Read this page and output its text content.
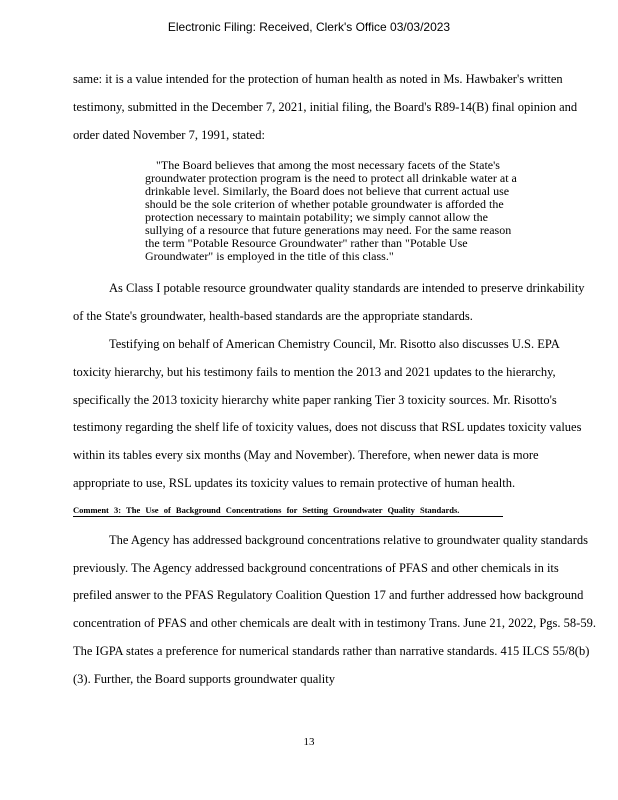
Electronic Filing: Received, Clerk's Office 03/03/2023

same: it is a value intended for the protection of human health as noted in Ms. Hawbaker's written testimony, submitted in the December 7, 2021, initial filing, the Board's R89-14(B) final opinion and order dated November 7, 1991, stated:

"The Board believes that among the most necessary facets of the State's groundwater protection program is the need to protect all drinkable water at a drinkable level. Similarly, the Board does not believe that current actual use should be the sole criterion of whether potable groundwater is afforded the protection necessary to maintain potability; we simply cannot allow the sullying of a resource that future generations may need. For the same reason the term "Potable Resource Groundwater" rather than "Potable Use Groundwater" is employed in the title of this class."

As Class I potable resource groundwater quality standards are intended to preserve drinkability of the State's groundwater, health-based standards are the appropriate standards.

Testifying on behalf of American Chemistry Council, Mr. Risotto also discusses U.S. EPA toxicity hierarchy, but his testimony fails to mention the 2013 and 2021 updates to the hierarchy, specifically the 2013 toxicity hierarchy white paper ranking Tier 3 toxicity sources. Mr. Risotto's testimony regarding the shelf life of toxicity values, does not discuss that RSL updates toxicity values within its tables every six months (May and November). Therefore, when newer data is more appropriate to use, RSL updates its toxicity values to remain protective of human health.

Comment 3: The Use of Background Concentrations for Setting Groundwater Quality Standards.

The Agency has addressed background concentrations relative to groundwater quality standards previously. The Agency addressed background concentrations of PFAS and other chemicals in its prefiled answer to the PFAS Regulatory Coalition Question 17 and further addressed how background concentration of PFAS and other chemicals are dealt with in testimony Trans. June 21, 2022, Pgs. 58-59. The IGPA states a preference for numerical standards rather than narrative standards. 415 ILCS 55/8(b)(3). Further, the Board supports groundwater quality

13
